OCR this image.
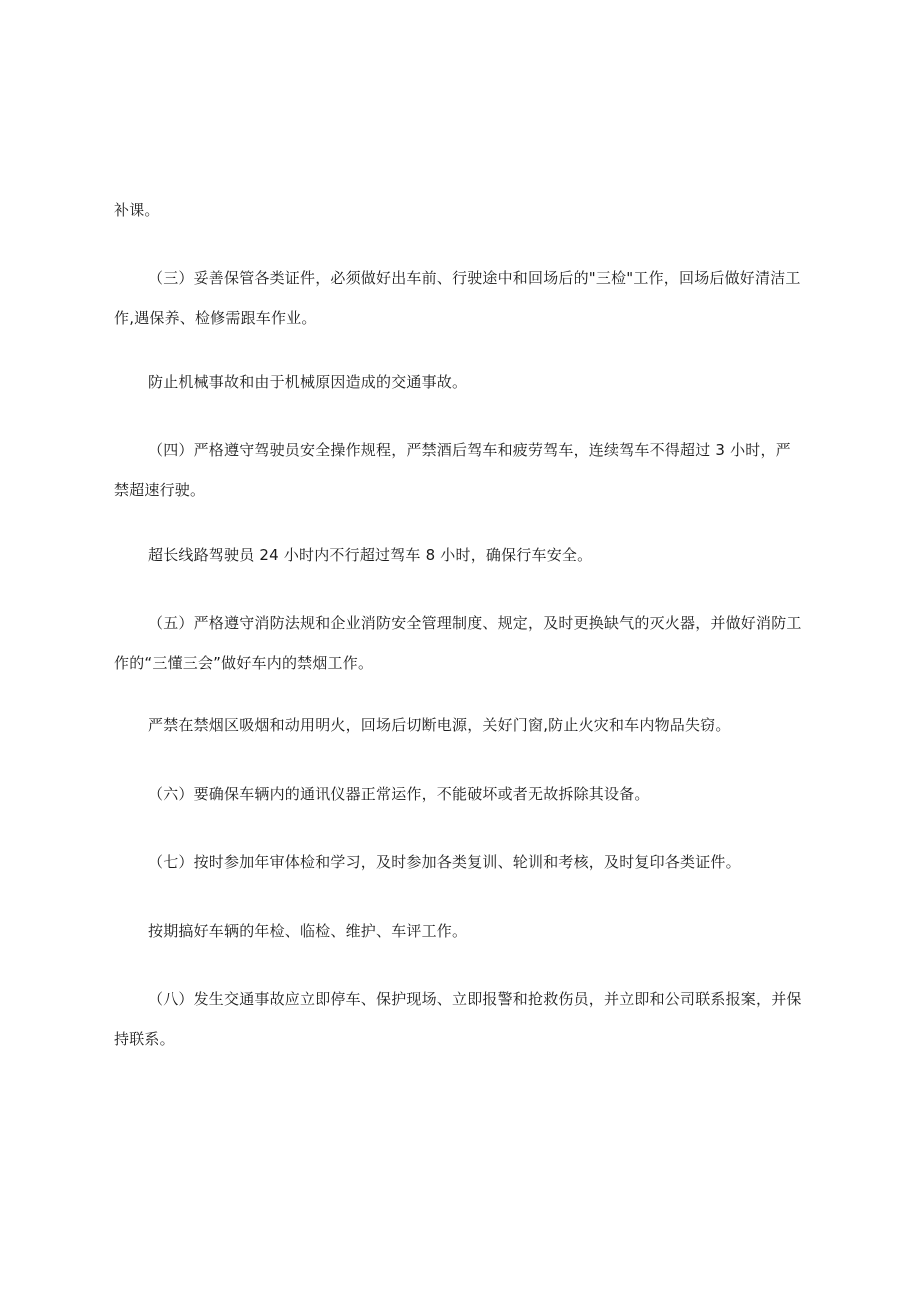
补课。
（三）妥善保管各类证件，必须做好出车前、行驶途中和回场后的"三检"工作，回场后做好清洁工
作,遇保养、检修需跟车作业。
防止机械事故和由于机械原因造成的交通事故。
（四）严格遵守驾驶员安全操作规程，严禁酒后驾车和疲劳驾车，连续驾车不得超过 3 小时，严
禁超速行驶。
超长线路驾驶员 24 小时内不行超过驾车 8 小时，确保行车安全。
（五）严格遵守消防法规和企业消防安全管理制度、规定，及时更换缺气的灭火器，并做好消防工
作的“三懂三会”做好车内的禁烟工作。
严禁在禁烟区吸烟和动用明火，回场后切断电源，关好门窗,防止火灾和车内物品失窃。
（六）要确保车辆内的通讯仪器正常运作，不能破坏或者无故拆除其设备。
（七）按时参加年审体检和学习，及时参加各类复训、轮训和考核，及时复印各类证件。
按期搞好车辆的年检、临检、维护、车评工作。
（八）发生交通事故应立即停车、保护现场、立即报警和抢救伤员，并立即和公司联系报案，并保
持联系。
